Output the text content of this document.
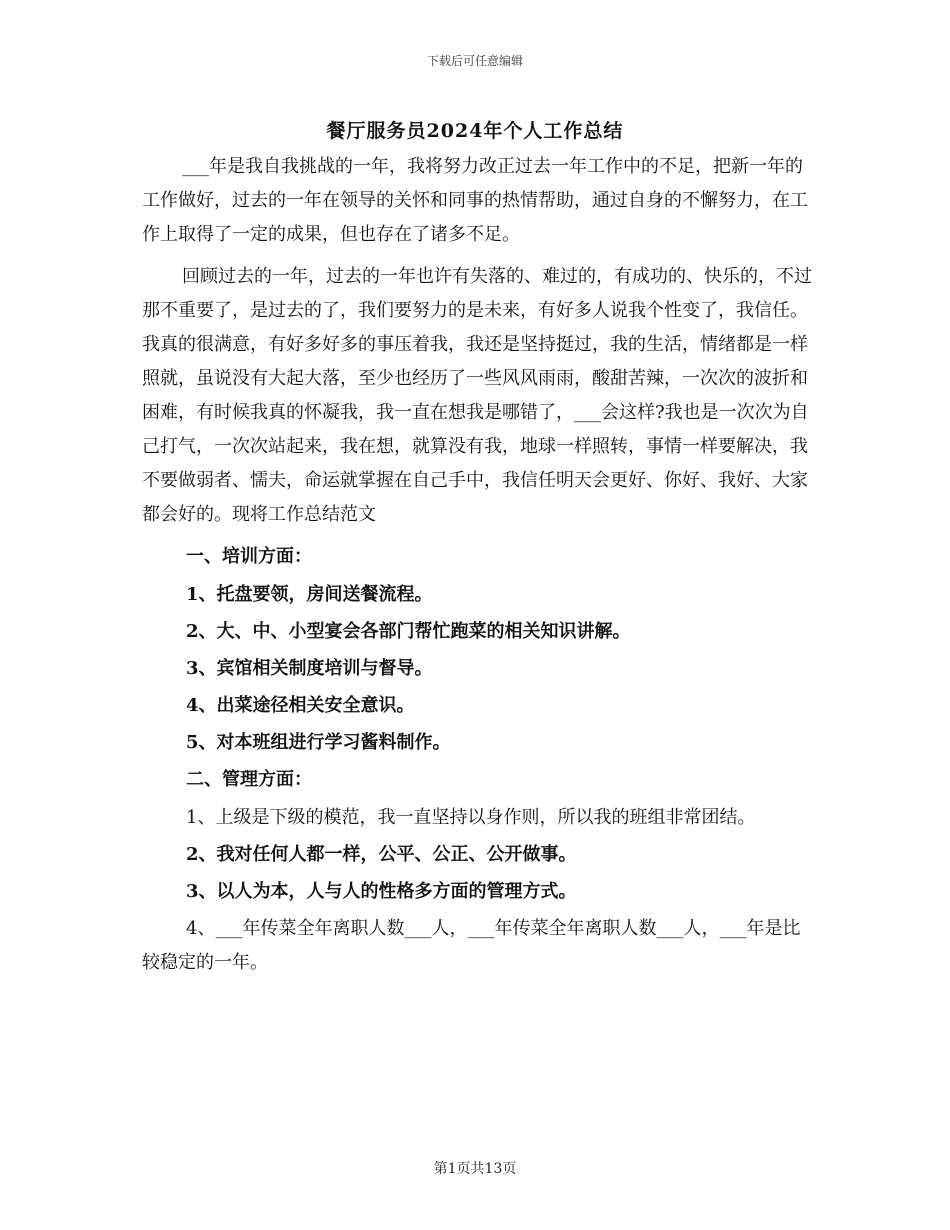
下载后可任意编辑
餐厅服务员2024年个人工作总结

___年是我自我挑战的一年，我将努力改正过去一年工作中的不足，把新一年的工作做好，过去的一年在领导的关怀和同事的热情帮助，通过自身的不懈努力，在工作上取得了一定的成果，但也存在了诸多不足。

回顾过去的一年，过去的一年也许有失落的、难过的，有成功的、快乐的，不过那不重要了，是过去的了，我们要努力的是未来，有好多人说我个性变了，我信任。我真的很满意，有好多好多的事压着我，我还是坚持挺过，我的生活，情绪都是一样照就，虽说没有大起大落，至少也经历了一些风风雨雨，酸甜苦辣，一次次的波折和困难，有时候我真的怀凝我，我一直在想我是哪错了，___会这样?我也是一次次为自己打气，一次次站起来，我在想，就算没有我，地球一样照转，事情一样要解决，我不要做弱者、懦夫，命运就掌握在自己手中，我信任明天会更好、你好、我好、大家都会好的。现将工作总结范文

一、培训方面：

1、托盘要领，房间送餐流程。

2、大、中、小型宴会各部门帮忙跑菜的相关知识讲解。

3、宾馆相关制度培训与督导。

4、出菜途径相关安全意识。

5、对本班组进行学习酱料制作。

二、管理方面：

1、上级是下级的模范，我一直坚持以身作则，所以我的班组非常团结。

2、我对任何人都一样，公平、公正、公开做事。

3、以人为本，人与人的性格多方面的管理方式。

4、___年传菜全年离职人数___人，___年传菜全年离职人数___人，___年是比较稳定的一年。

第1页共13页
